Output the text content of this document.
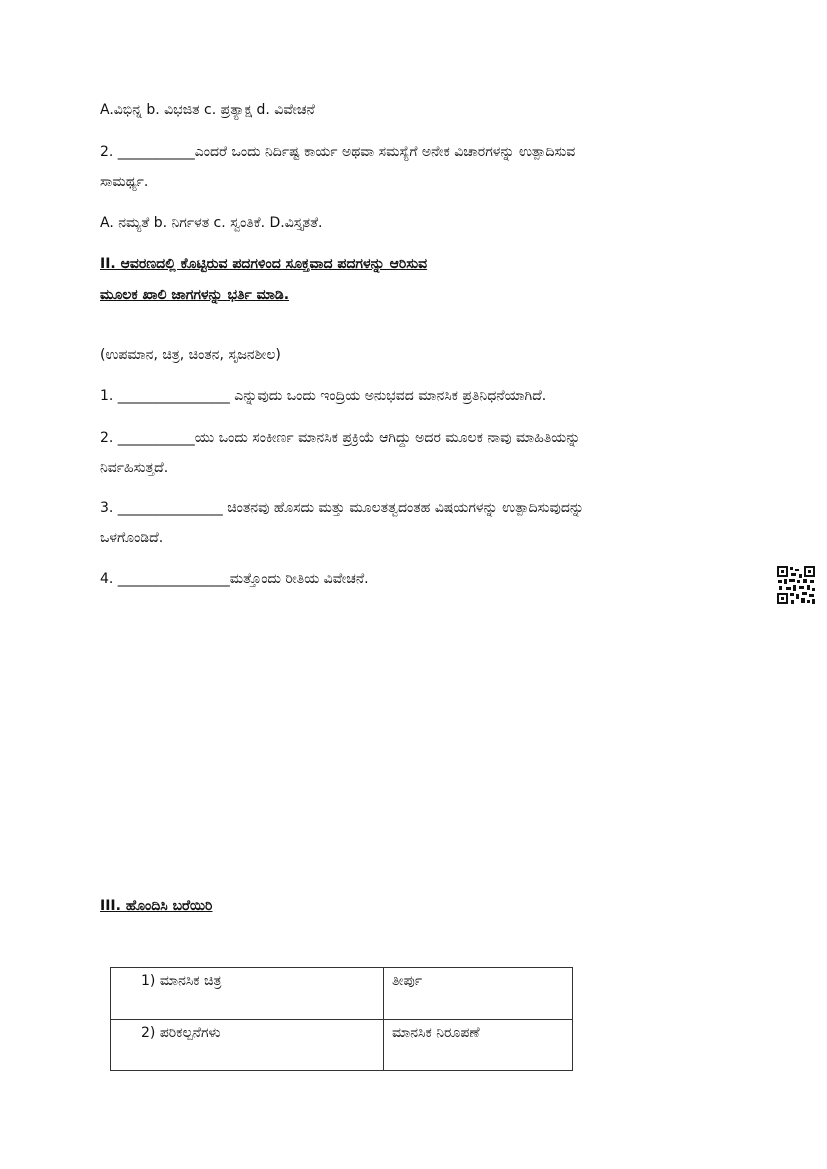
A.ವಿಭಿನ್ನ b. ವಿಭಜಿತ c. ಪ್ರತ್ಯಾಕ್ಷ d. ವಿವೇಚನೆ
2. ___________ಎಂದರೆ ಒಂದು ನಿರ್ದಿಷ್ಟ ಕಾರ್ಯ ಅಥವಾ ಸಮಸ್ಯೆಗೆ ಅನೇಕ ವಿಚಾರಗಳನ್ನು ಉತ್ಪಾದಿಸುವ
ಸಾಮರ್ಥ್ಯ.
A. ನಮ್ಯತೆ b. ನಿರ್ಗಳತ c. ಸ್ವಂತಿಕೆ. D.ವಿಸ್ತೃತತೆ.
II. ಆವರಣದಲ್ಲಿ ಕೊಟ್ಟಿರುವ ಪದಗಳಿಂದ ಸೂಕ್ತವಾದ ಪದಗಳನ್ನು ಆರಿಸುವ
ಮೂಲಕ ಖಾಲಿ ಜಾಗಗಳನ್ನು ಭರ್ತಿ ಮಾಡಿ.
(ಉಪಮಾನ, ಚಿತ್ರ, ಚಿಂತನ, ಸೃಜನಶೀಲ)
1. ________________ ಎನ್ನುವುದು ಒಂದು ಇಂದ್ರಿಯ ಅನುಭವದ ಮಾನಸಿಕ ಪ್ರತಿನಿಧನೆಯಾಗಿದೆ.
2. ___________ಯು ಒಂದು ಸಂಕೀರ್ಣ ಮಾನಸಿಕ ಪ್ರಕ್ರಿಯೆ ಆಗಿದ್ದು ಅದರ ಮೂಲಕ ನಾವು ಮಾಹಿತಿಯನ್ನು
ನಿರ್ವಹಿಸುತ್ತದೆ.
3. _______________ ಚಿಂತನವು ಹೊಸದು ಮತ್ತು ಮೂಲತತ್ವದಂತಹ ವಿಷಯಗಳನ್ನು ಉತ್ಪಾದಿಸುವುದನ್ನು
ಒಳಗೊಂಡಿದೆ.
4. ________________ಮತ್ತೊಂದು ರೀತಿಯ ವಿವೇಚನೆ.
III. ಹೊಂದಿಸಿ ಬರೆಯಿರಿ
1) ಮಾನಸಿಕ ಚಿತ್ರ	ತೀರ್ಪು
2) ಪರಿಕಲ್ಪನೆಗಳು	ಮಾನಸಿಕ ನಿರೂಪಣೆ
